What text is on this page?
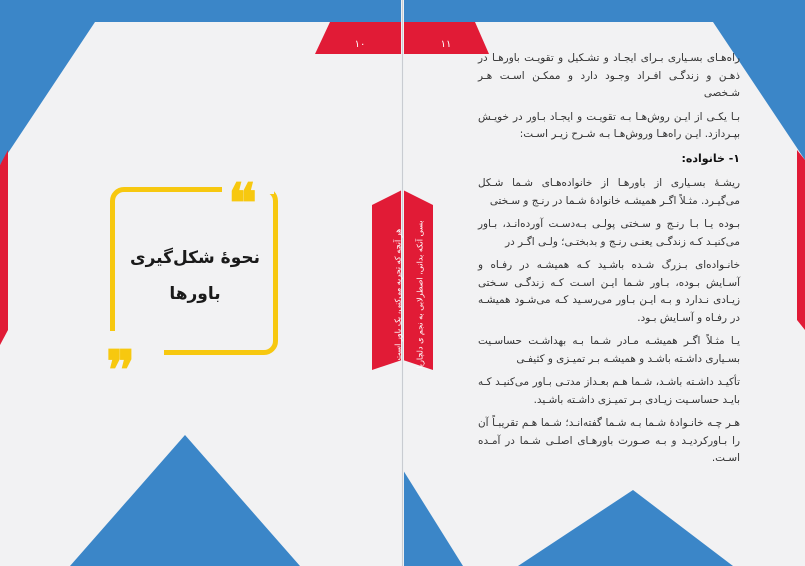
۱۰	۱۱
هر آنچه که تجربه می‌کنی، یک باور است بسی آنکه بدانی، اصطرلابی به نجم ی دلچاریا
❝
❝
نحوهٔ شکل‌گیری
باورها

راه‌هـای بسـیاری بـرای ایجـاد و تشـکیل و تقویـت باورهـا در ذهـن و زندگـی افـراد وجـود دارد و ممکـن اسـت هـر شـخصی

بـا یکـی از ایـن روش‌هـا بـه تقویـت و ایجـاد بـاور در خویـش بپـردازد. ایـن راه‌هـا وروش‌هـا بـه شـرح زیـر اسـت:

۱- خانواده:

ریشـهٔ بسـیاری از باورهـا از خانواده‌هـای شـما شـکل می‌گیـرد. مثـلاً اگـر همیشـه خانوادهٔ شـما در رنـج و سـختی

بـوده یـا بـا رنـج و سـختی پولـی بـه‌دسـت آورده‌انـد، بـاور می‌کنیـد کـه زندگـی یعنـی رنـج و بدبختـی؛ ولـی اگـر در

خانـواده‌ای بـزرگ شـده باشـید کـه همیشـه در رفـاه و آسـایش بـوده، بـاور شـما ایـن اسـت کـه زندگـی سـختی زیـادی نـدارد و بـه ایـن بـاور می‌رسـید کـه می‌شـود همیشـه در رفـاه و آسـایش بـود.

یـا مثـلاً اگـر همیشـه مـادر شـما بـه بهداشـت حساسـیت بسـیاری داشـته باشـد و همیشـه بـر تمیـزی و کثیفـی

تأکیـد داشـته باشـد، شـما هـم بعـداز مدتـی بـاور می‌کنیـد کـه بایـد حساسـیت زیـادی بـر تمیـزی داشـته باشـید.

هـر چـه خانـوادهٔ شـما بـه شـما گفته‌انـد؛ شـما هـم تقریبـاً آن را بـاورکردیـد و بـه صـورت باورهـای اصلـی شـما در آمـده اسـت.
